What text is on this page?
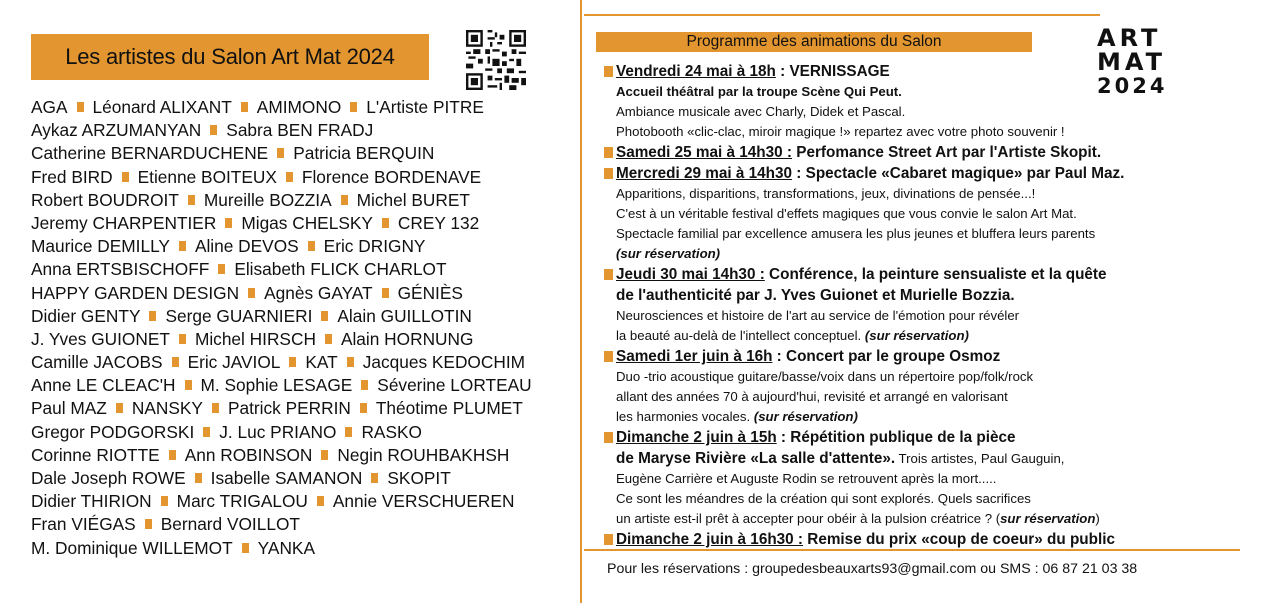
Les artistes du Salon Art Mat 2024
AGA Léonard ALIXANT AMIMONO L'Artiste PITRE
Aykaz ARZUMANYAN Sabra BEN FRADJ
Catherine BERNARDUCHENE Patricia BERQUIN
Fred BIRD Etienne BOITEUX Florence BORDENAVE
Robert BOUDROIT Mureille BOZZIA Michel BURET
Jeremy CHARPENTIER Migas CHELSKY CREY 132
Maurice DEMILLY Aline DEVOS Eric DRIGNY
Anna ERTSBISCHOFF Elisabeth FLICK CHARLOT
HAPPY GARDEN DESIGN Agnès GAYAT GÉNIÈS
Didier GENTY Serge GUARNIERI Alain GUILLOTIN
J. Yves GUIONET Michel HIRSCH Alain HORNUNG
Camille JACOBS Eric JAVIOL KAT Jacques KEDOCHIM
Anne LE CLEAC'H M. Sophie LESAGE Séverine LORTEAU
Paul MAZ NANSKY Patrick PERRIN Théotime PLUMET
Gregor PODGORSKI J. Luc PRIANO RASKO
Corinne RIOTTE Ann ROBINSON Negin ROUHBAKHSH
Dale Joseph ROWE Isabelle SAMANON SKOPIT
Didier THIRION Marc TRIGALOU Annie VERSCHUEREN
Fran VIÉGAS Bernard VOILLOT
M. Dominique WILLEMOT YANKA
Programme des animations du Salon	ART
MAT
2024
Vendredi 24 mai à 18h : VERNISSAGE
Accueil théâtral par la troupe Scène Qui Peut.
Ambiance musicale avec Charly, Didek et Pascal.
Photobooth «clic-clac, miroir magique !» repartez avec votre photo souvenir !
Samedi 25 mai à 14h30 : Perfomance Street Art par l'Artiste Skopit.
Mercredi 29 mai à 14h30 : Spectacle «Cabaret magique» par Paul Maz.
Apparitions, disparitions, transformations, jeux, divinations de pensée...!
C'est à un véritable festival d'effets magiques que vous convie le salon Art Mat.
Spectacle familial par excellence amusera les plus jeunes et bluffera leurs parents
(sur réservation)
Jeudi 30 mai 14h30 : Conférence, la peinture sensualiste et la quête
de l'authenticité par J. Yves Guionet et Murielle Bozzia.
Neurosciences et histoire de l'art au service de l'émotion pour révéler
la beauté au-delà de l'intellect conceptuel. (sur réservation)
Samedi 1er juin à 16h : Concert par le groupe Osmoz
Duo -trio acoustique guitare/basse/voix dans un répertoire pop/folk/rock
allant des années 70 à aujourd'hui, revisité et arrangé en valorisant
les harmonies vocales. (sur réservation)
Dimanche 2 juin à 15h : Répétition publique de la pièce
de Maryse Rivière «La salle d'attente». Trois artistes, Paul Gauguin,
Eugène Carrière et Auguste Rodin se retrouvent après la mort.....
Ce sont les méandres de la création qui sont explorés. Quels sacrifices
un artiste est-il prêt à accepter pour obéir à la pulsion créatrice ? (sur réservation)
Dimanche 2 juin à 16h30 : Remise du prix «coup de coeur» du public
Pour les réservations : groupedesbeauxarts93@gmail.com ou SMS : 06 87 21 03 38
